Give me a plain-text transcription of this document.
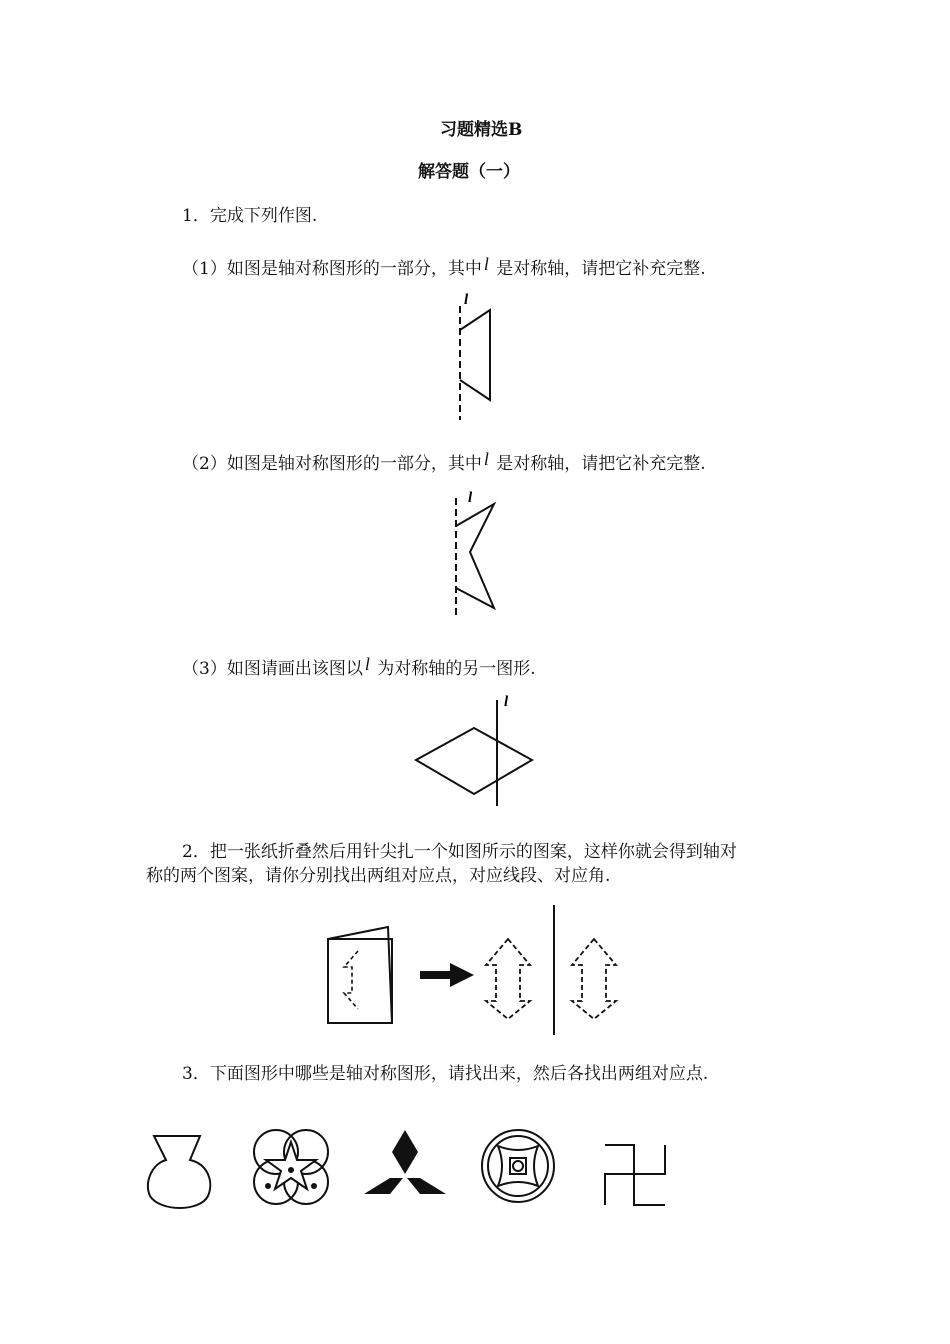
习题精选B
解答题（一）
1．完成下列作图.
（1）如图是轴对称图形的一部分，其中 l 是对称轴，请把它补充完整.
l
（2）如图是轴对称图形的一部分，其中 l 是对称轴，请把它补充完整.
l
（3）如图请画出该图以 l 为对称轴的另一图形.
l
2．把一张纸折叠然后用针尖扎一个如图所示的图案，这样你就会得到轴对
称的两个图案，请你分别找出两组对应点，对应线段、对应角.
3．下面图形中哪些是轴对称图形，请找出来，然后各找出两组对应点.
